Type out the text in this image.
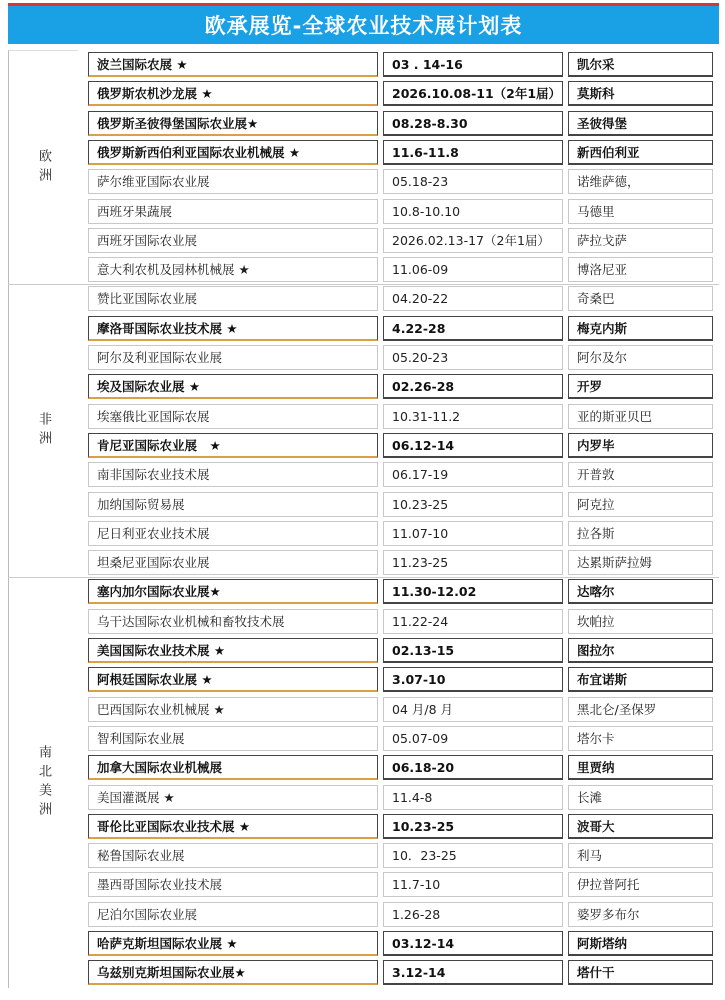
欧承展览-全球农业技术展计划表
欧洲
波兰国际农展 ★	03 . 14-16	凯尔采
俄罗斯农机沙龙展 ★	2026.10.08-11（2年1届）	莫斯科
俄罗斯圣彼得堡国际农业展★	08.28-8.30	圣彼得堡
俄罗斯新西伯利亚国际农业机械展 ★	11.6-11.8	新西伯利亚
萨尔维亚国际农业展	05.18-23	诺维萨德，
西班牙果蔬展	10.8-10.10	马德里
西班牙国际农业展	2026.02.13-17（2年1届）	萨拉戈萨
意大利农机及园林机械展 ★	11.06-09	博洛尼亚
非洲
赞比亚国际农业展	04.20-22	奇桑巴
摩洛哥国际农业技术展 ★	4.22-28	梅克内斯
阿尔及利亚国际农业展	05.20-23	阿尔及尔
埃及国际农业展 ★	02.26-28	开罗
埃塞俄比亚国际农展	10.31-11.2	亚的斯亚贝巴
肯尼亚国际农业展　★	06.12-14	内罗毕
南非国际农业技术展	06.17-19	开普敦
加纳国际贸易展	10.23-25	阿克拉
尼日利亚农业技术展	11.07-10	拉各斯
坦桑尼亚国际农业展	11.23-25	达累斯萨拉姆
南北美洲
塞内加尔国际农业展★	11.30-12.02	达喀尔
乌干达国际农业机械和畜牧技术展	11.22-24	坎帕拉
美国国际农业技术展 ★	02.13-15	图拉尔
阿根廷国际农业展 ★	3.07-10	布宜诺斯
巴西国际农业机械展 ★	04 月/8 月	黑北仑/圣保罗
智利国际农业展	05.07-09	塔尔卡
加拿大国际农业机械展	06.18-20	里贾纳
美国灌溉展 ★	11.4-8	长滩
哥伦比亚国际农业技术展 ★	10.23-25	波哥大
秘鲁国际农业展	10．23-25	利马
墨西哥国际农业技术展	11.7-10	伊拉普阿托
尼泊尔国际农业展	1.26-28	婆罗多布尔
哈萨克斯坦国际农业展 ★	03.12-14	阿斯塔纳
乌兹别克斯坦国际农业展★	3.12-14	塔什干
